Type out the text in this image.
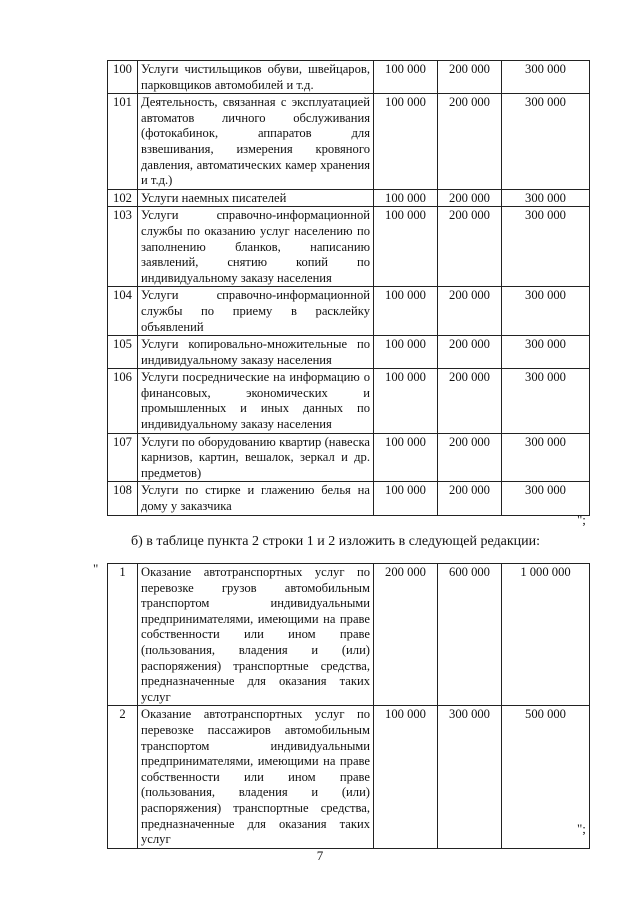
100	Услуги чистильщиков обуви, швейцаров, парковщиков автомобилей и т.д.	100 000	200 000	300 000
101	Деятельность, связанная с эксплуатацией автоматов личного обслуживания (фотокабинок, аппаратов для взвешивания, измерения кровяного давления, автоматических камер хранения и т.д.)	100 000	200 000	300 000
102	Услуги наемных писателей	100 000	200 000	300 000
103	Услуги справочно-информационной службы по оказанию услуг населению по заполнению бланков, написанию заявлений, снятию копий по индивидуальному заказу населения	100 000	200 000	300 000
104	Услуги справочно-информационной службы по приему в расклейку объявлений	100 000	200 000	300 000
105	Услуги копировально-множительные по индивидуальному заказу населения	100 000	200 000	300 000
106	Услуги посреднические на информацию о финансовых, экономических и промышленных и иных данных по индивидуальному заказу населения	100 000	200 000	300 000
107	Услуги по оборудованию квартир (навеска карнизов, картин, вешалок, зеркал и др. предметов)	100 000	200 000	300 000
108	Услуги по стирке и глажению белья на дому у заказчика	100 000	200 000	300 000
";
б) в таблице пункта 2 строки 1 и 2 изложить в следующей редакции:
" 1	Оказание автотранспортных услуг по перевозке грузов автомобильным транспортом индивидуальными предпринимателями, имеющими на праве собственности или ином праве (пользования, владения и (или) распоряжения) транспортные средства, предназначенные для оказания таких услуг	200 000	600 000	1 000 000
2	Оказание автотранспортных услуг по перевозке пассажиров автомобильным транспортом индивидуальными предпринимателями, имеющими на праве собственности или ином праве (пользования, владения и (или) распоряжения) транспортные средства, предназначенные для оказания таких услуг	100 000	300 000	500 000
";
7
